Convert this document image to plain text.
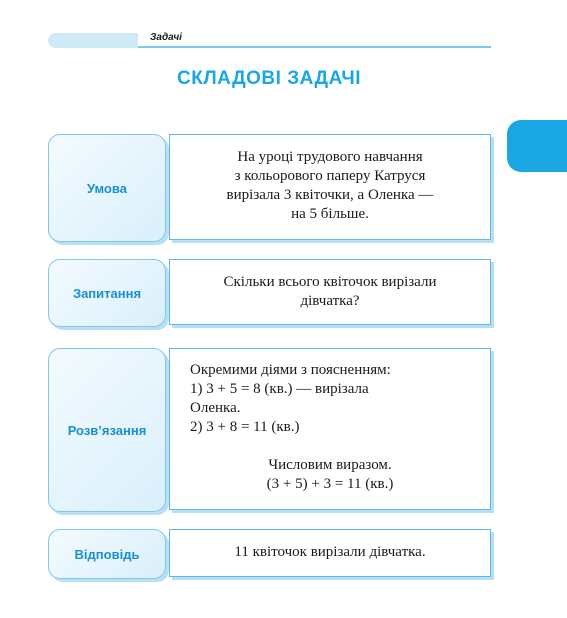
Задачі
СКЛАДОВІ ЗАДАЧІ
Умова
На уроці трудового навчання
з кольорового паперу Катруся
вирізала 3 квіточки, а Оленка —
на 5 більше.
Запитання
Скільки всього квіточок вирізали
дівчатка?
Розв’язання
Окремими діями з поясненням:
1) 3 + 5 = 8 (кв.) — вирізала
Оленка.
2) 3 + 8 = 11 (кв.)
Числовим виразом.
(3 + 5) + 3 = 11 (кв.)
Відповідь	11 квіточок вирізали дівчатка.
